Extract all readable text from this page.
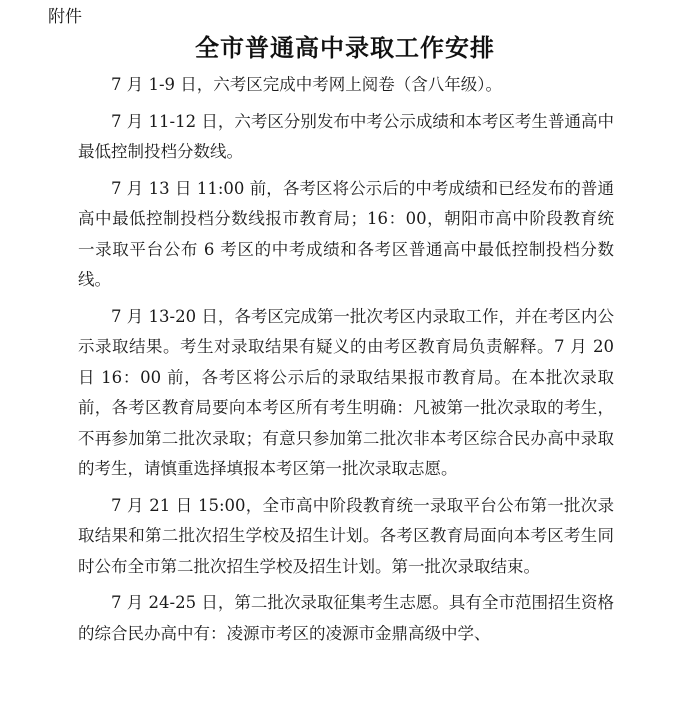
附件
全市普通高中录取工作安排

7 月 1-9 日，六考区完成中考网上阅卷（含八年级）。

7 月 11-12 日，六考区分别发布中考公示成绩和本考区考生普通高中最低控制投档分数线。

7 月 13 日 11:00 前，各考区将公示后的中考成绩和已经发布的普通高中最低控制投档分数线报市教育局；16：00，朝阳市高中阶段教育统一录取平台公布 6 考区的中考成绩和各考区普通高中最低控制投档分数线。

7 月 13-20 日，各考区完成第一批次考区内录取工作，并在考区内公示录取结果。考生对录取结果有疑义的由考区教育局负责解释。7 月 20 日 16：00 前，各考区将公示后的录取结果报市教育局。在本批次录取前，各考区教育局要向本考区所有考生明确：凡被第一批次录取的考生，不再参加第二批次录取；有意只参加第二批次非本考区综合民办高中录取的考生，请慎重选择填报本考区第一批次录取志愿。

7 月 21 日 15:00，全市高中阶段教育统一录取平台公布第一批次录取结果和第二批次招生学校及招生计划。各考区教育局面向本考区考生同时公布全市第二批次招生学校及招生计划。第一批次录取结束。

7 月 24-25 日，第二批次录取征集考生志愿。具有全市范围招生资格的综合民办高中有：凌源市考区的凌源市金鼎高级中学、
